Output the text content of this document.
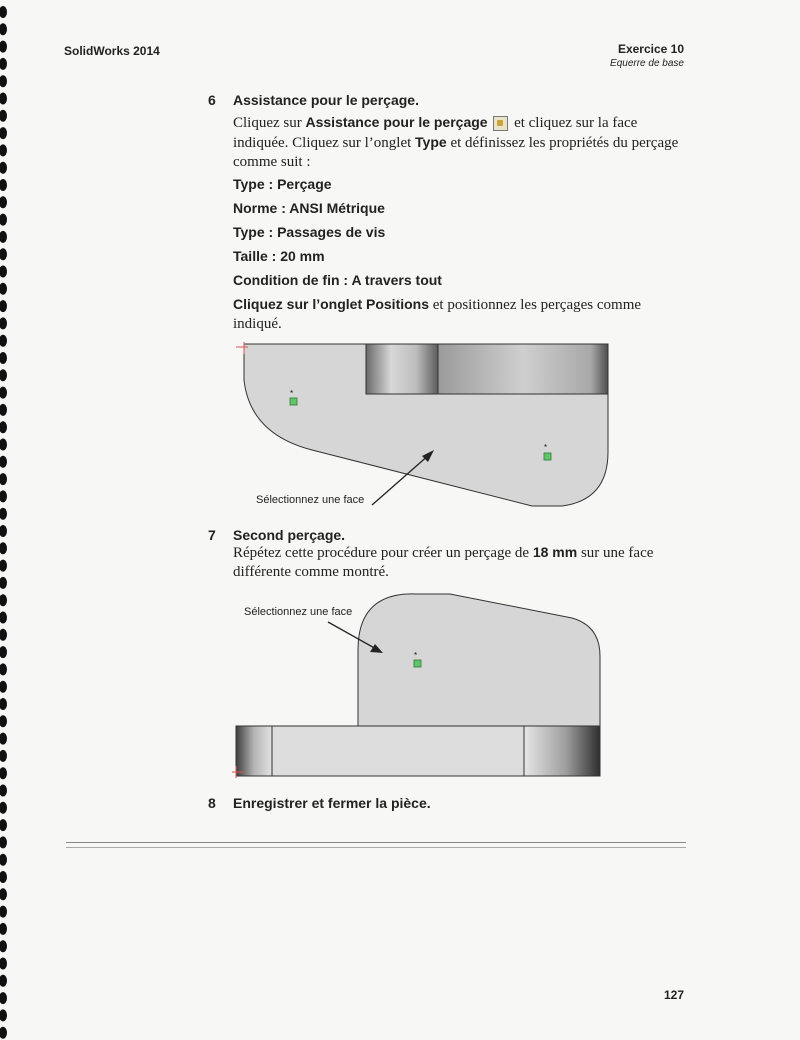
SolidWorks 2014	Exercice 10
Equerre de base
6 Assistance pour le perçage.
Cliquez sur Assistance pour le perçage  et cliquez sur la face indiquée. Cliquez sur l’onglet Type et définissez les propriétés du perçage comme suit :
Type : Perçage
Norme : ANSI Métrique
Type : Passages de vis
Taille : 20 mm
Condition de fin : A travers tout
Cliquez sur l’onglet Positions et positionnez les perçages comme indiqué.
*
*
Sélectionnez une face
7 Second perçage.
Répétez cette procédure pour créer un perçage de 18 mm sur une face différente comme montré.
*
Sélectionnez une face
8 Enregistrer et fermer la pièce.
127
